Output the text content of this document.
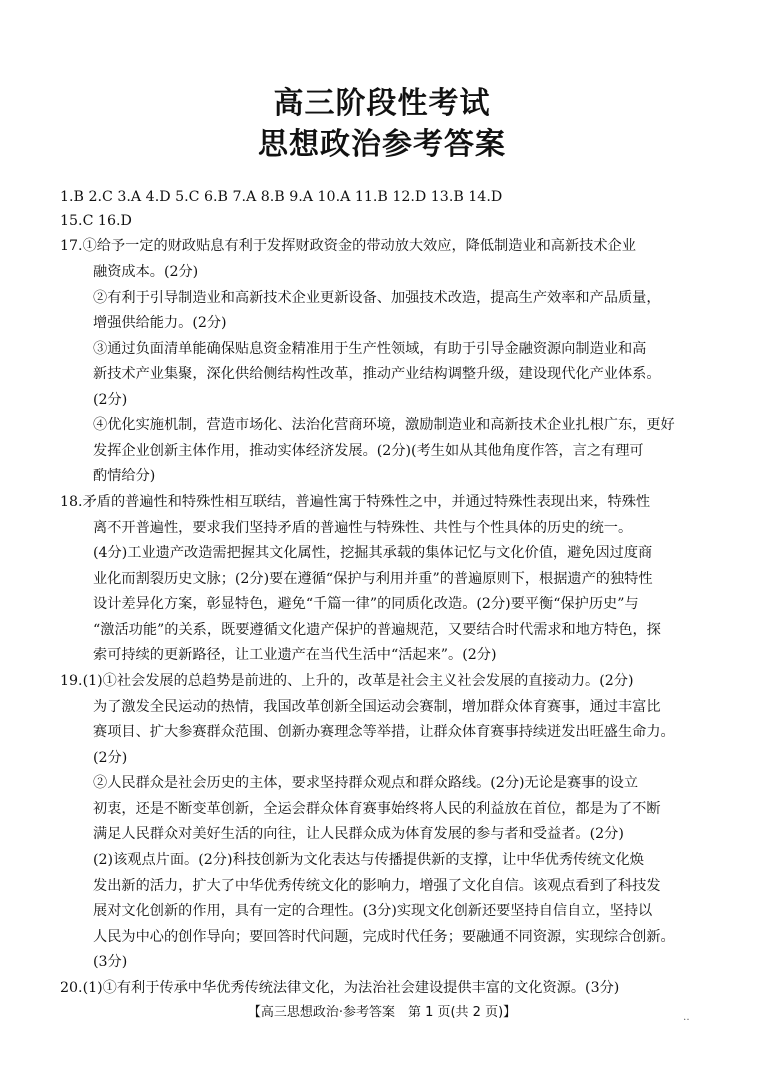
高三阶段性考试
思想政治参考答案
1.B 2.C 3.A 4.D 5.C 6.B 7.A 8.B 9.A 10.A 11.B 12.D 13.B 14.D
15.C 16.D
17.①给予一定的财政贴息有利于发挥财政资金的带动放大效应，降低制造业和高新技术企业
融资成本。(2分)
②有利于引导制造业和高新技术企业更新设备、加强技术改造，提高生产效率和产品质量，
增强供给能力。(2分)
③通过负面清单能确保贴息资金精准用于生产性领域，有助于引导金融资源向制造业和高
新技术产业集聚，深化供给侧结构性改革，推动产业结构调整升级，建设现代化产业体系。
(2分)
④优化实施机制，营造市场化、法治化营商环境，激励制造业和高新技术企业扎根广东，更好
发挥企业创新主体作用，推动实体经济发展。(2分)(考生如从其他角度作答，言之有理可
酌情给分)
18.矛盾的普遍性和特殊性相互联结，普遍性寓于特殊性之中，并通过特殊性表现出来，特殊性
离不开普遍性，要求我们坚持矛盾的普遍性与特殊性、共性与个性具体的历史的统一。
(4分)工业遗产改造需把握其文化属性，挖掘其承载的集体记忆与文化价值，避免因过度商
业化而割裂历史文脉；(2分)要在遵循“保护与利用并重”的普遍原则下，根据遗产的独特性
设计差异化方案，彰显特色，避免“千篇一律”的同质化改造。(2分)要平衡“保护历史”与
“激活功能”的关系，既要遵循文化遗产保护的普遍规范，又要结合时代需求和地方特色，探
索可持续的更新路径，让工业遗产在当代生活中“活起来”。(2分)
19.(1)①社会发展的总趋势是前进的、上升的，改革是社会主义社会发展的直接动力。(2分)
为了激发全民运动的热情，我国改革创新全国运动会赛制，增加群众体育赛事，通过丰富比
赛项目、扩大参赛群众范围、创新办赛理念等举措，让群众体育赛事持续迸发出旺盛生命力。
(2分)
②人民群众是社会历史的主体，要求坚持群众观点和群众路线。(2分)无论是赛事的设立
初衷，还是不断变革创新，全运会群众体育赛事始终将人民的利益放在首位，都是为了不断
满足人民群众对美好生活的向往，让人民群众成为体育发展的参与者和受益者。(2分)
(2)该观点片面。(2分)科技创新为文化表达与传播提供新的支撑，让中华优秀传统文化焕
发出新的活力，扩大了中华优秀传统文化的影响力，增强了文化自信。该观点看到了科技发
展对文化创新的作用，具有一定的合理性。(3分)实现文化创新还要坚持自信自立，坚持以
人民为中心的创作导向；要回答时代问题，完成时代任务；要融通不同资源，实现综合创新。
(3分)
20.(1)①有利于传承中华优秀传统法律文化，为法治社会建设提供丰富的文化资源。(3分)
【高三思想政治·参考答案　第 1 页(共 2 页)】	‥
